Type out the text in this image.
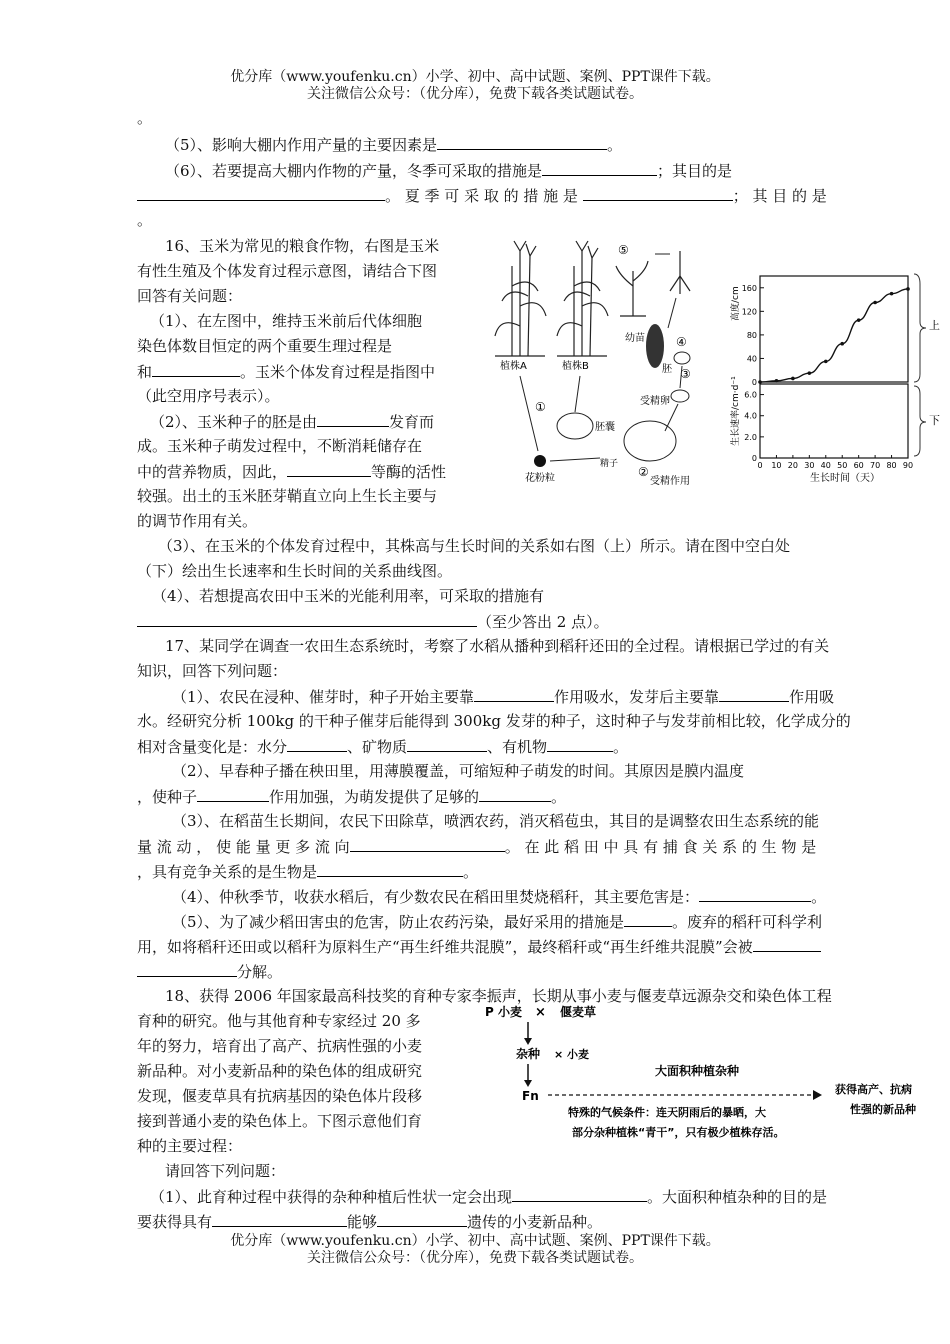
优分库（www.youfenku.cn）小学、初中、高中试题、案例、PPT课件下载。
关注微信公众号：（优分库），免费下载各类试题试卷。
。
（5）、影响大棚内作用产量的主要因素是	。
（6）、若要提高大棚内作物的产量，冬季可采取的措施是	；其目的是
。 夏 季 可 采 取 的 措 施 是	； 其 目 的 是
。
16、玉米为常见的粮食作物，右图是玉米
有性生殖及个体发育过程示意图，请结合下图
回答有关问题：
（1）、在左图中，维持玉米前后代体细胞
染色体数目恒定的两个重要生理过程是
和	。玉米个体发育过程是指图中
（此空用序号表示）。
（2）、玉米种子的胚是由	发育而
成。玉米种子萌发过程中，不断消耗储存在
中的营养物质，因此，	等酶的活性
较强。出土的玉米胚芽鞘直立向上生长主要与
的调节作用有关。
（3）、在玉米的个体发育过程中，其株高与生长时间的关系如右图（上）所示。请在图中空白处
（下）绘出生长速率和生长时间的关系曲线图。
（4）、若想提高农田中玉米的光能利用率，可采取的措施有
（至少答出 2 点）。
植株A	植株B
⑤
幼苗	④
胚 ③
受精卵
胚囊
花粉粒
①
精子
②
受精作用
高度/cm
生长速率/cm·d⁻¹
生长时间（天）
上
下
0
40
80
120
160
0
2.0
4.0
6.0
0 10 20 30 40 50 60 70 80 90
17、某同学在调查一农田生态系统时，考察了水稻从播种到稻秆还田的全过程。请根据已学过的有关
知识，回答下列问题：
（1）、农民在浸种、催芽时，种子开始主要靠	作用吸水，发芽后主要靠	作用吸
水。经研究分析 100kg 的干种子催芽后能得到 300kg 发芽的种子，这时种子与发芽前相比较，化学成分的
相对含量变化是：水分	、矿物质	、有机物	。
（2）、早春种子播在秧田里，用薄膜覆盖，可缩短种子萌发的时间。其原因是膜内温度
，使种子	作用加强，为萌发提供了足够的	。
（3）、在稻苗生长期间，农民下田除草，喷洒农药，消灭稻苞虫，其目的是调整农田生态系统的能
量 流 动 ， 使 能 量 更 多 流 向	。 在 此 稻 田 中 具 有 捕 食 关 系 的 生 物 是
，具有竞争关系的是生物是	。
（4）、仲秋季节，收获水稻后，有少数农民在稻田里焚烧稻秆，其主要危害是：	。
（5）、为了减少稻田害虫的危害，防止农药污染，最好采用的措施是	。废弃的稻秆可科学利
用，如将稻秆还田或以稻秆为原料生产“再生纤维共混膜”，最终稻秆或“再生纤维共混膜”会被
分解。
18、获得 2006 年国家最高科技奖的育种专家李振声，长期从事小麦与偃麦草远源杂交和染色体工程
育种的研究。他与其他育种专家经过 20 多
年的努力，培育出了高产、抗病性强的小麦
新品种。对小麦新品种的染色体的组成研究
发现，偃麦草具有抗病基因的染色体片段移
接到普通小麦的染色体上。下图示意他们育
种的主要过程：
请回答下列问题：
（1）、此育种过程中获得的杂种种植后性状一定会出现	。大面积种植杂种的目的是
要获得具有	能够	遗传的小麦新品种。
P 小麦 × 偃麦草
杂种 × 小麦
Fn
大面积种植杂种
获得高产、抗病
性强的新品种
特殊的气候条件：连天阴雨后的暴晒，大
部分杂种植株“青干”，只有极少植株存活。
优分库（www.youfenku.cn）小学、初中、高中试题、案例、PPT课件下载。
关注微信公众号：（优分库），免费下载各类试题试卷。
